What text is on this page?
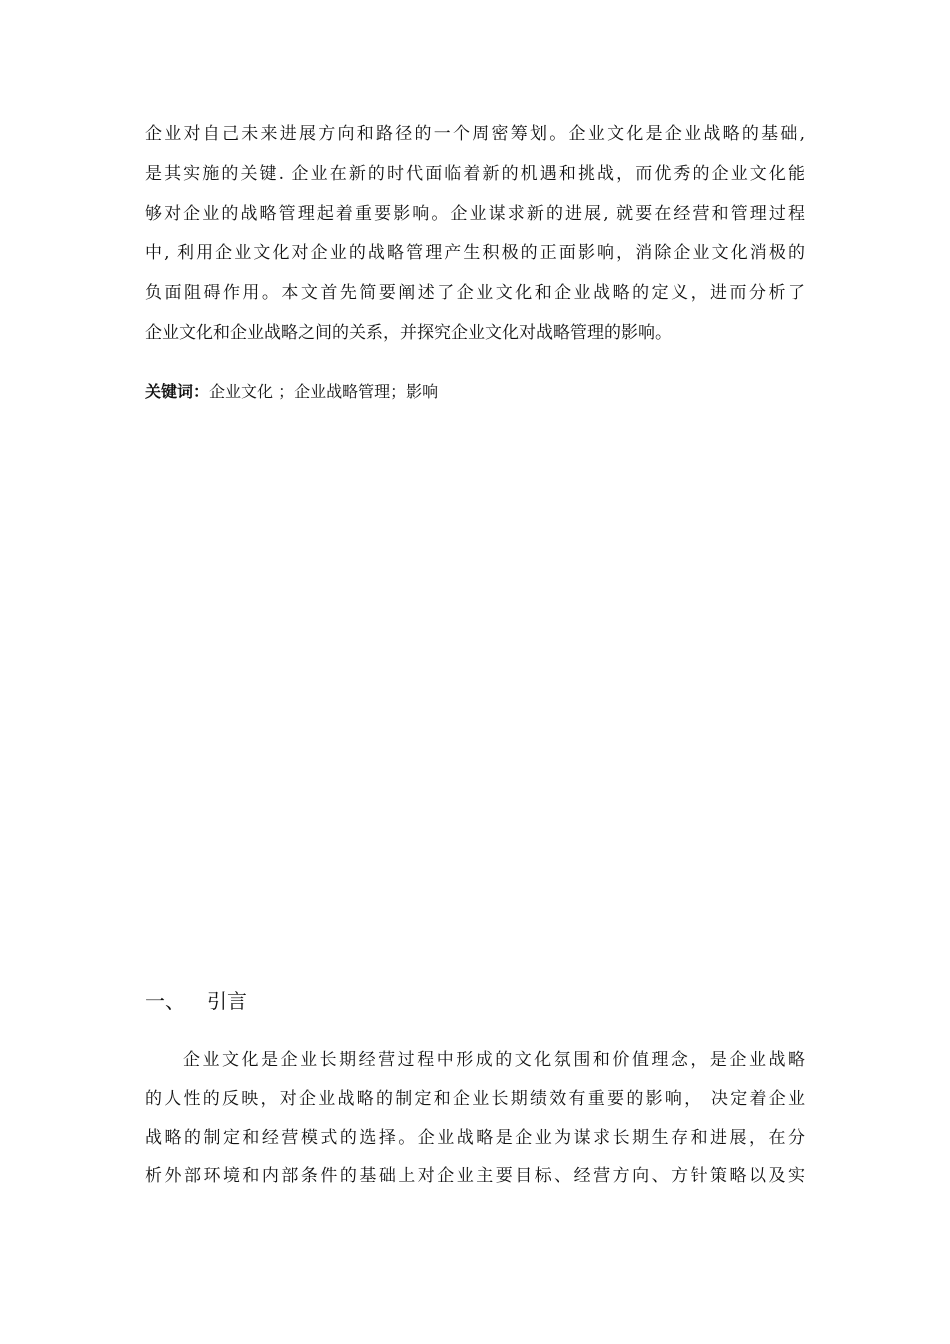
企业对自己未来进展方向和路径的一个周密筹划。企业文化是企业战略的基础,
是其实施的关键. 企业在新的时代面临着新的机遇和挑战，而优秀的企业文化能
够对企业的战略管理起着重要影响。企业谋求新的进展, 就要在经营和管理过程
中, 利用企业文化对企业的战略管理产生积极的正面影响，消除企业文化消极的
负面阻碍作用。本文首先简要阐述了企业文化和企业战略的定义，进而分析了
企业文化和企业战略之间的关系，并探究企业文化对战略管理的影响。
关键词：企业文化 ；企业战略管理；影响
一、 引言
企业文化是企业长期经营过程中形成的文化氛围和价值理念，是企业战略
的人性的反映，对企业战略的制定和企业长期绩效有重要的影响， 决定着企业
战略的制定和经营模式的选择。企业战略是企业为谋求长期生存和进展，在分
析外部环境和内部条件的基础上对企业主要目标、经营方向、方针策略以及实
